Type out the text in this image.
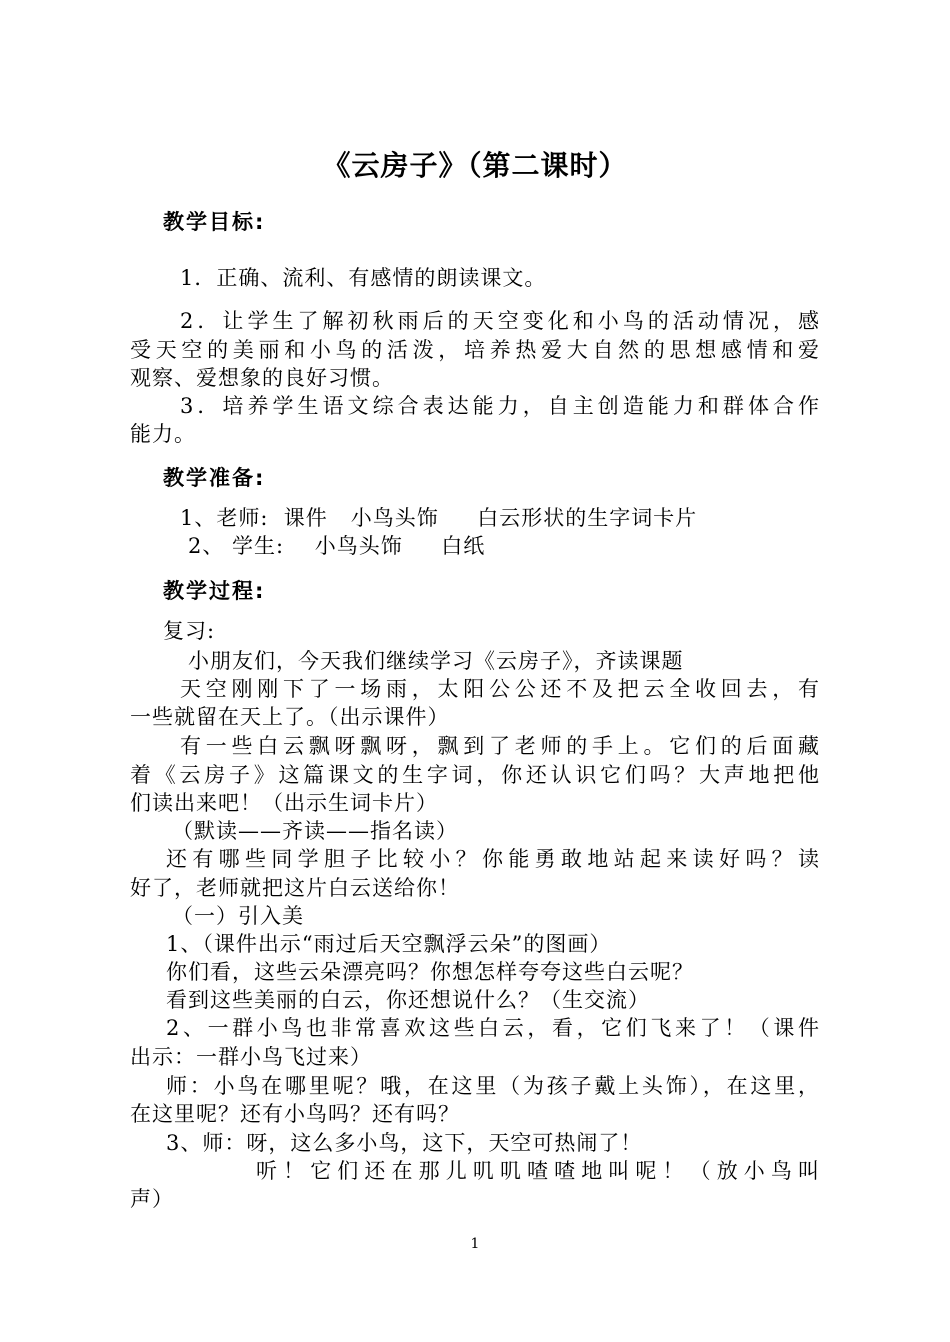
《云房子》（第二课时）
教学目标:
1．正确、流利、有感情的朗读课文。
2．让学生了解初秋雨后的天空变化和小鸟的活动情况，感
受天空的美丽和小鸟的活泼，培养热爱大自然的思想感情和爱
观察、爱想象的良好习惯。
3．培养学生语文综合表达能力，自主创造能力和群体合作
能力。
教学准备:
1、老师:  课件   小鸟头饰     白云形状的生字词卡片
2、 学生:    小鸟头饰     白纸
教学过程:
复习:
小朋友们，今天我们继续学习《云房子》，齐读课题
天空刚刚下了一场雨，太阳公公还不及把云全收回去，有
一些就留在天上了。（出示课件）
有一些白云飘呀飘呀，飘到了老师的手上。它们的后面藏
着《云房子》这篇课文的生字词，你还认识它们吗？大声地把他
们读出来吧！（出示生词卡片）
（默读——齐读——指名读）
还有哪些同学胆子比较小？你能勇敢地站起来读好吗？读
好了，老师就把这片白云送给你！
（一）引入美
1、（课件出示“雨过后天空飘浮云朵”的图画）
你们看，这些云朵漂亮吗？你想怎样夸夸这些白云呢？
看到这些美丽的白云，你还想说什么？（生交流）
2、一群小鸟也非常喜欢这些白云，看，它们飞来了！（课件
出示：一群小鸟飞过来）
师：小鸟在哪里呢？哦，在这里（为孩子戴上头饰），在这里，
在这里呢？还有小鸟吗？还有吗？
3、师：呀，这么多小鸟，这下，天空可热闹了！
听！它们还在那儿叽叽喳喳地叫呢！（放小鸟叫
声）
1
